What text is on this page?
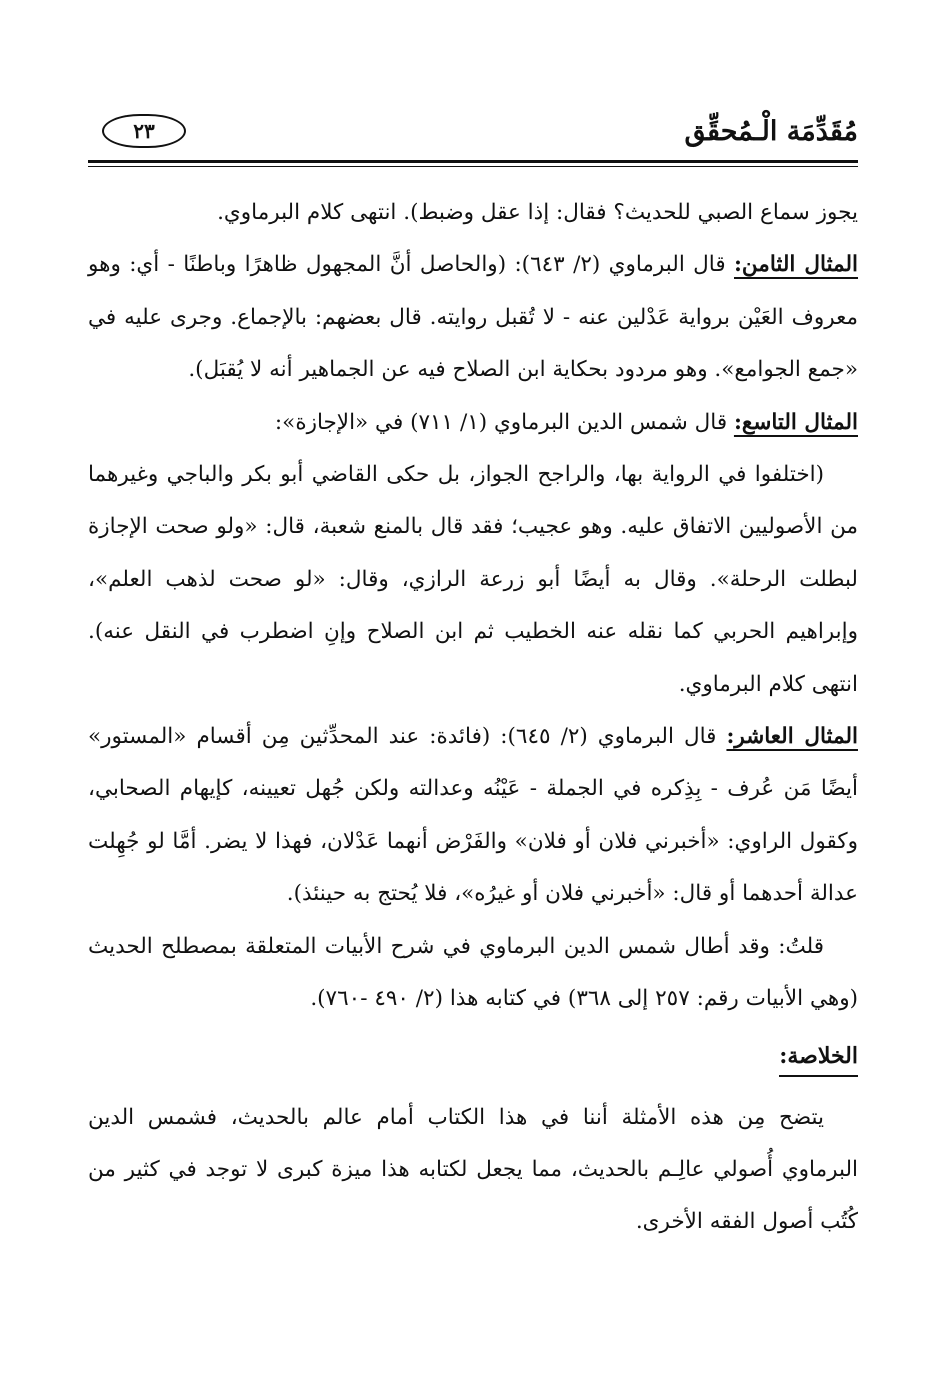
مُقَدِّمَة الْـمُحقِّق
٢٣

يجوز سماع الصبي للحديث؟ فقال: إذا عقل وضبط). انتهى كلام البرماوي.

المثال الثامن: قال البرماوي (٢/ ٦٤٣): (والحاصل أنَّ المجهول ظاهرًا وباطنًا - أي: وهو معروف العَيْن برواية عَدْلين عنه - لا تُقبل روايته. قال بعضهم: بالإجماع. وجرى عليه في «جمع الجوامع». وهو مردود بحكاية ابن الصلاح فيه عن الجماهير أنه لا يُقبَل).

المثال التاسع: قال شمس الدين البرماوي (١/ ٧١١) في «الإجازة»:

(اختلفوا في الرواية بها، والراجح الجواز، بل حكى القاضي أبو بكر والباجي وغيرهما من الأصوليين الاتفاق عليه. وهو عجيب؛ فقد قال بالمنع شعبة، قال: «ولو صحت الإجازة لبطلت الرحلة». وقال به أيضًا أبو زرعة الرازي، وقال: «لو صحت لذهب العلم»، وإبراهيم الحربي كما نقله عنه الخطيب ثم ابن الصلاح وإنِ اضطرب في النقل عنه). انتهى كلام البرماوي.

المثال العاشر: قال البرماوي (٢/ ٦٤٥): (فائدة: عند المحدِّثين مِن أقسام «المستور» أيضًا مَن عُرف - بِذِكره في الجملة - عَيْنُه وعدالته ولكن جُهل تعيينه، كإيهام الصحابي، وكقول الراوي: «أخبرني فلان أو فلان» والفَرْض أنهما عَدْلان، فهذا لا يضر. أمَّا لو جُهِلت عدالة أحدهما أو قال: «أخبرني فلان أو غيرُه»، فلا يُحتج به حينئذ).

قلتُ: وقد أطال شمس الدين البرماوي في شرح الأبيات المتعلقة بمصطلح الحديث (وهي الأبيات رقم: ٢٥٧ إلى ٣٦٨) في كتابه هذا (٢/ ٤٩٠ -٧٦٠).

الخلاصة:

يتضح مِن هذه الأمثلة أننا في هذا الكتاب أمام عالم بالحديث، فشمس الدين البرماوي أُصولي عالِـم بالحديث، مما يجعل لكتابه هذا ميزة كبرى لا توجد في كثير من كُتُب أصول الفقه الأخرى.
